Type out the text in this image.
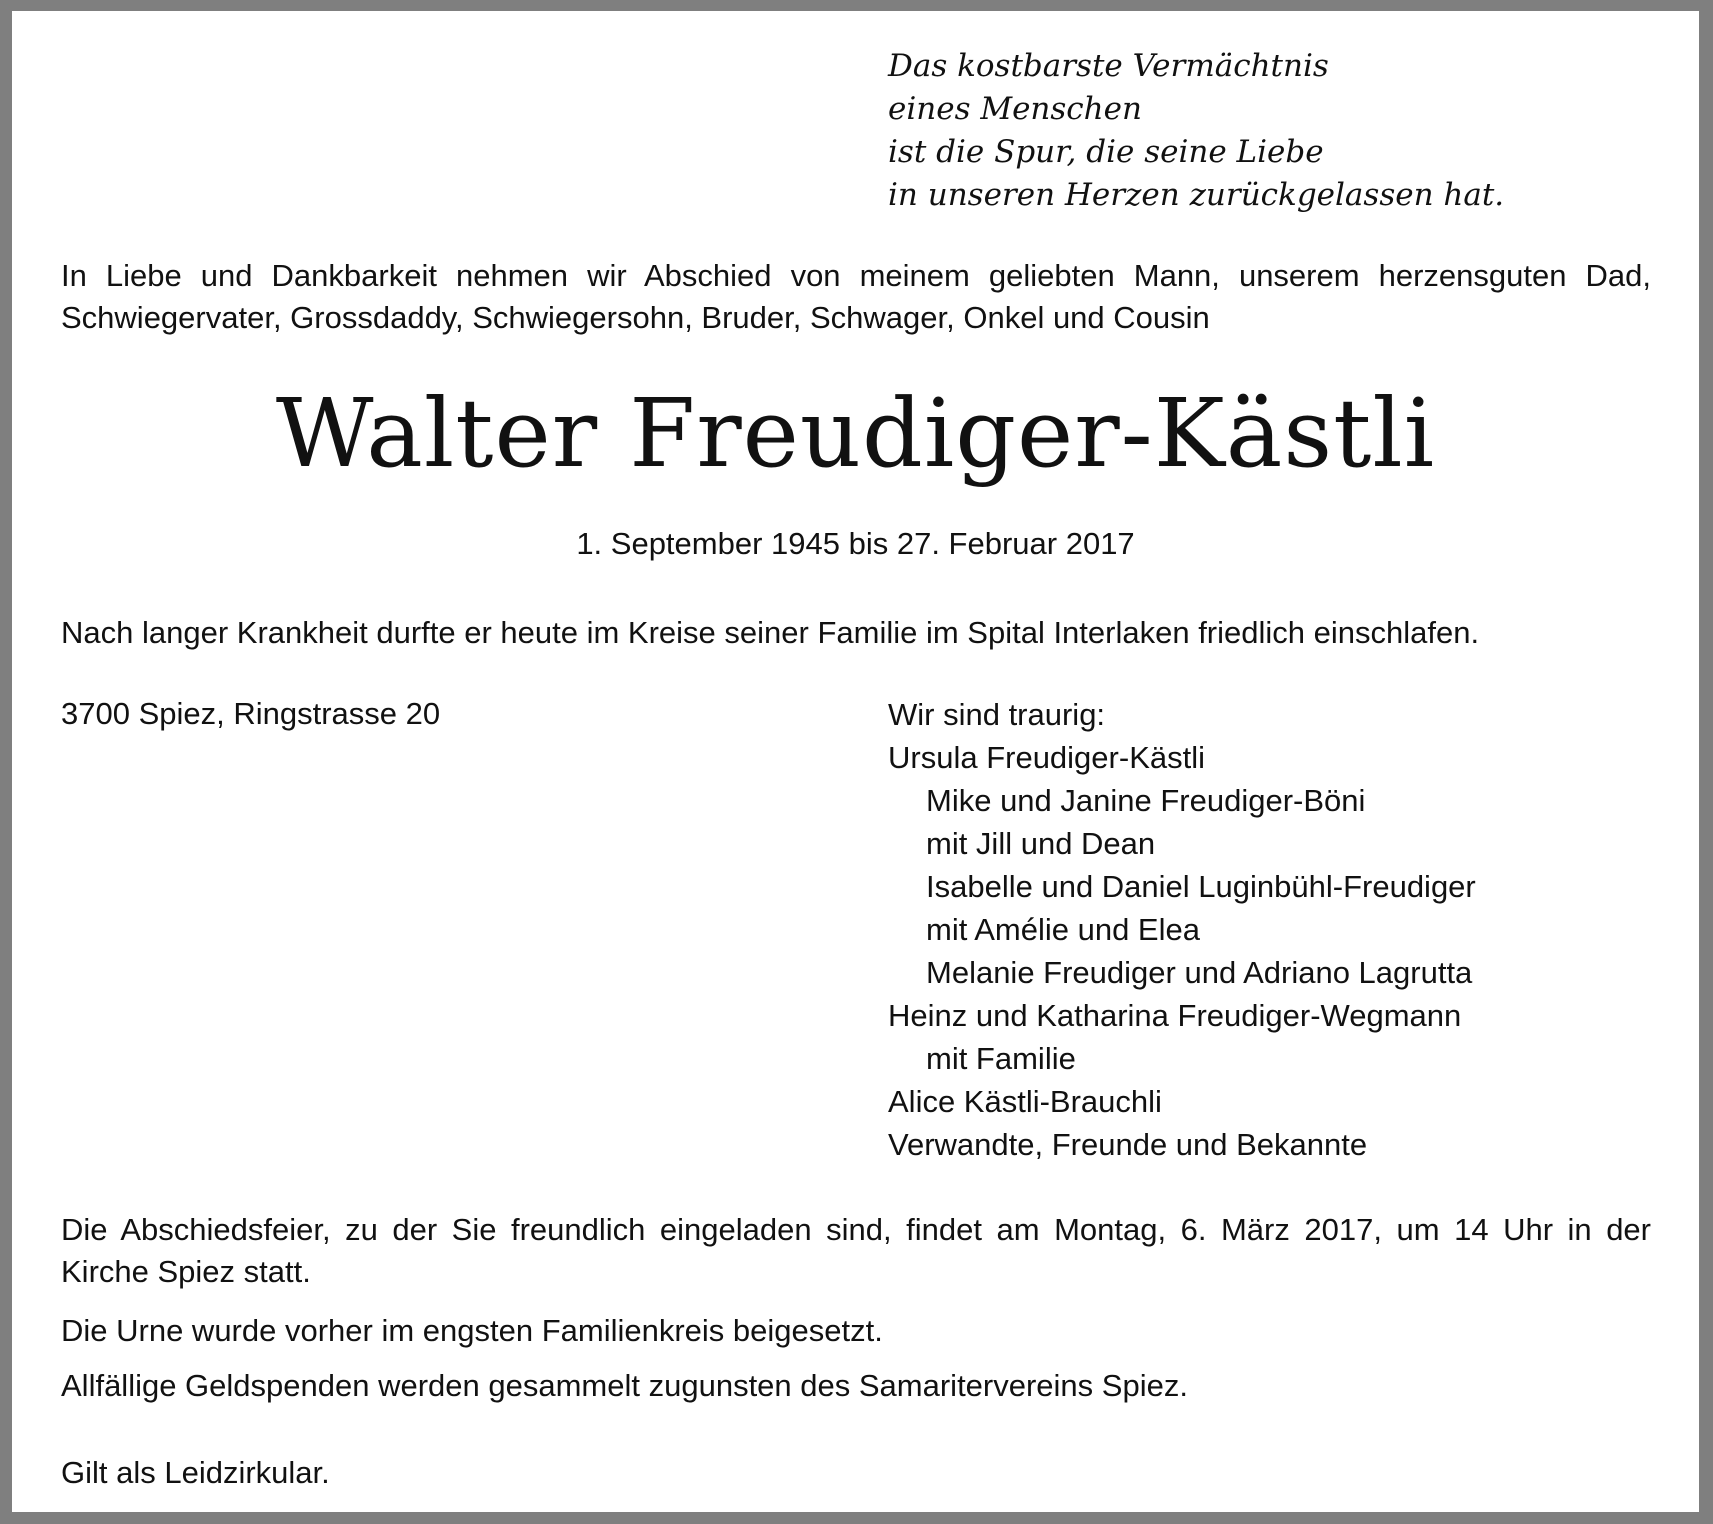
Das kostbarste Vermächtnis
eines Menschen
ist die Spur, die seine Liebe
in unseren Herzen zurückgelassen hat.
In Liebe und Dankbarkeit nehmen wir Abschied von meinem geliebten Mann, unserem herzensguten Dad,
Schwiegervater, Grossdaddy, Schwiegersohn, Bruder, Schwager, Onkel und Cousin
Walter Freudiger-Kästli
1. September 1945 bis 27. Februar 2017
Nach langer Krankheit durfte er heute im Kreise seiner Familie im Spital Interlaken friedlich einschlafen.
3700 Spiez, Ringstrasse 20	Wir sind traurig:
Ursula Freudiger-Kästli
Mike und Janine Freudiger-Böni
mit Jill und Dean
Isabelle und Daniel Luginbühl-Freudiger
mit Amélie und Elea
Melanie Freudiger und Adriano Lagrutta
Heinz und Katharina Freudiger-Wegmann
mit Familie
Alice Kästli-Brauchli
Verwandte, Freunde und Bekannte
Die Abschiedsfeier, zu der Sie freundlich eingeladen sind, findet am Montag, 6. März 2017, um 14 Uhr in der
Kirche Spiez statt.
Die Urne wurde vorher im engsten Familienkreis beigesetzt.
Allfällige Geldspenden werden gesammelt zugunsten des Samaritervereins Spiez.
Gilt als Leidzirkular.
